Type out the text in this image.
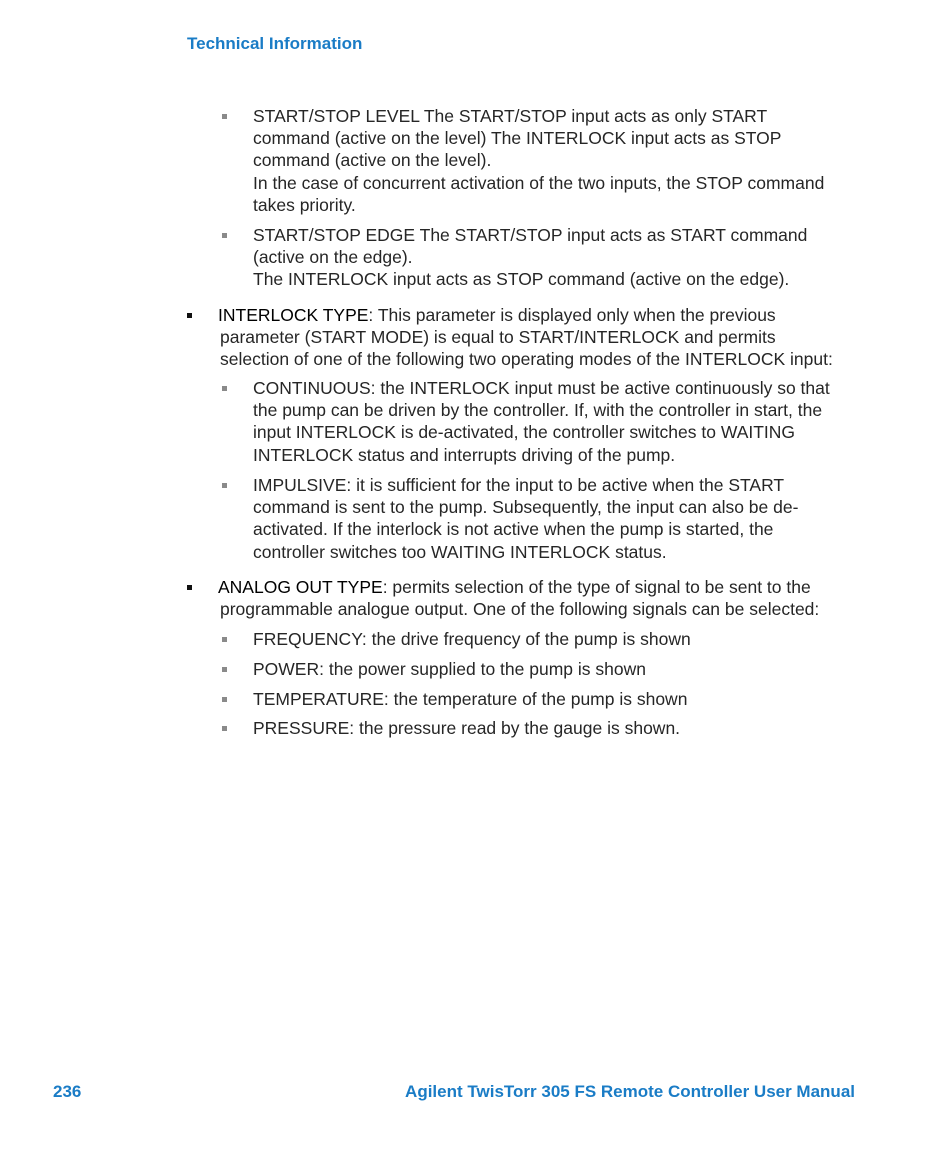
Technical Information
START/STOP LEVEL The START/STOP input acts as only START
command (active on the level) The INTERLOCK input acts as STOP
command (active on the level).
In the case of concurrent activation of the two inputs, the STOP command
takes priority.
START/STOP EDGE The START/STOP input acts as START command
(active on the edge).
The INTERLOCK input acts as STOP command (active on the edge).
INTERLOCK TYPE: This parameter is displayed only when the previous
parameter (START MODE) is equal to START/INTERLOCK and permits
selection of one of the following two operating modes of the INTERLOCK input:
CONTINUOUS: the INTERLOCK input must be active continuously so that
the pump can be driven by the controller. If, with the controller in start, the
input INTERLOCK is de-activated, the controller switches to WAITING
INTERLOCK status and interrupts driving of the pump.
IMPULSIVE: it is sufficient for the input to be active when the START
command is sent to the pump. Subsequently, the input can also be de-
activated. If the interlock is not active when the pump is started, the
controller switches too WAITING INTERLOCK status.
ANALOG OUT TYPE: permits selection of the type of signal to be sent to the
programmable analogue output. One of the following signals can be selected:
FREQUENCY: the drive frequency of the pump is shown
POWER: the power supplied to the pump is shown
TEMPERATURE: the temperature of the pump is shown
PRESSURE: the pressure read by the gauge is shown.
236	Agilent TwisTorr 305 FS Remote Controller User Manual
